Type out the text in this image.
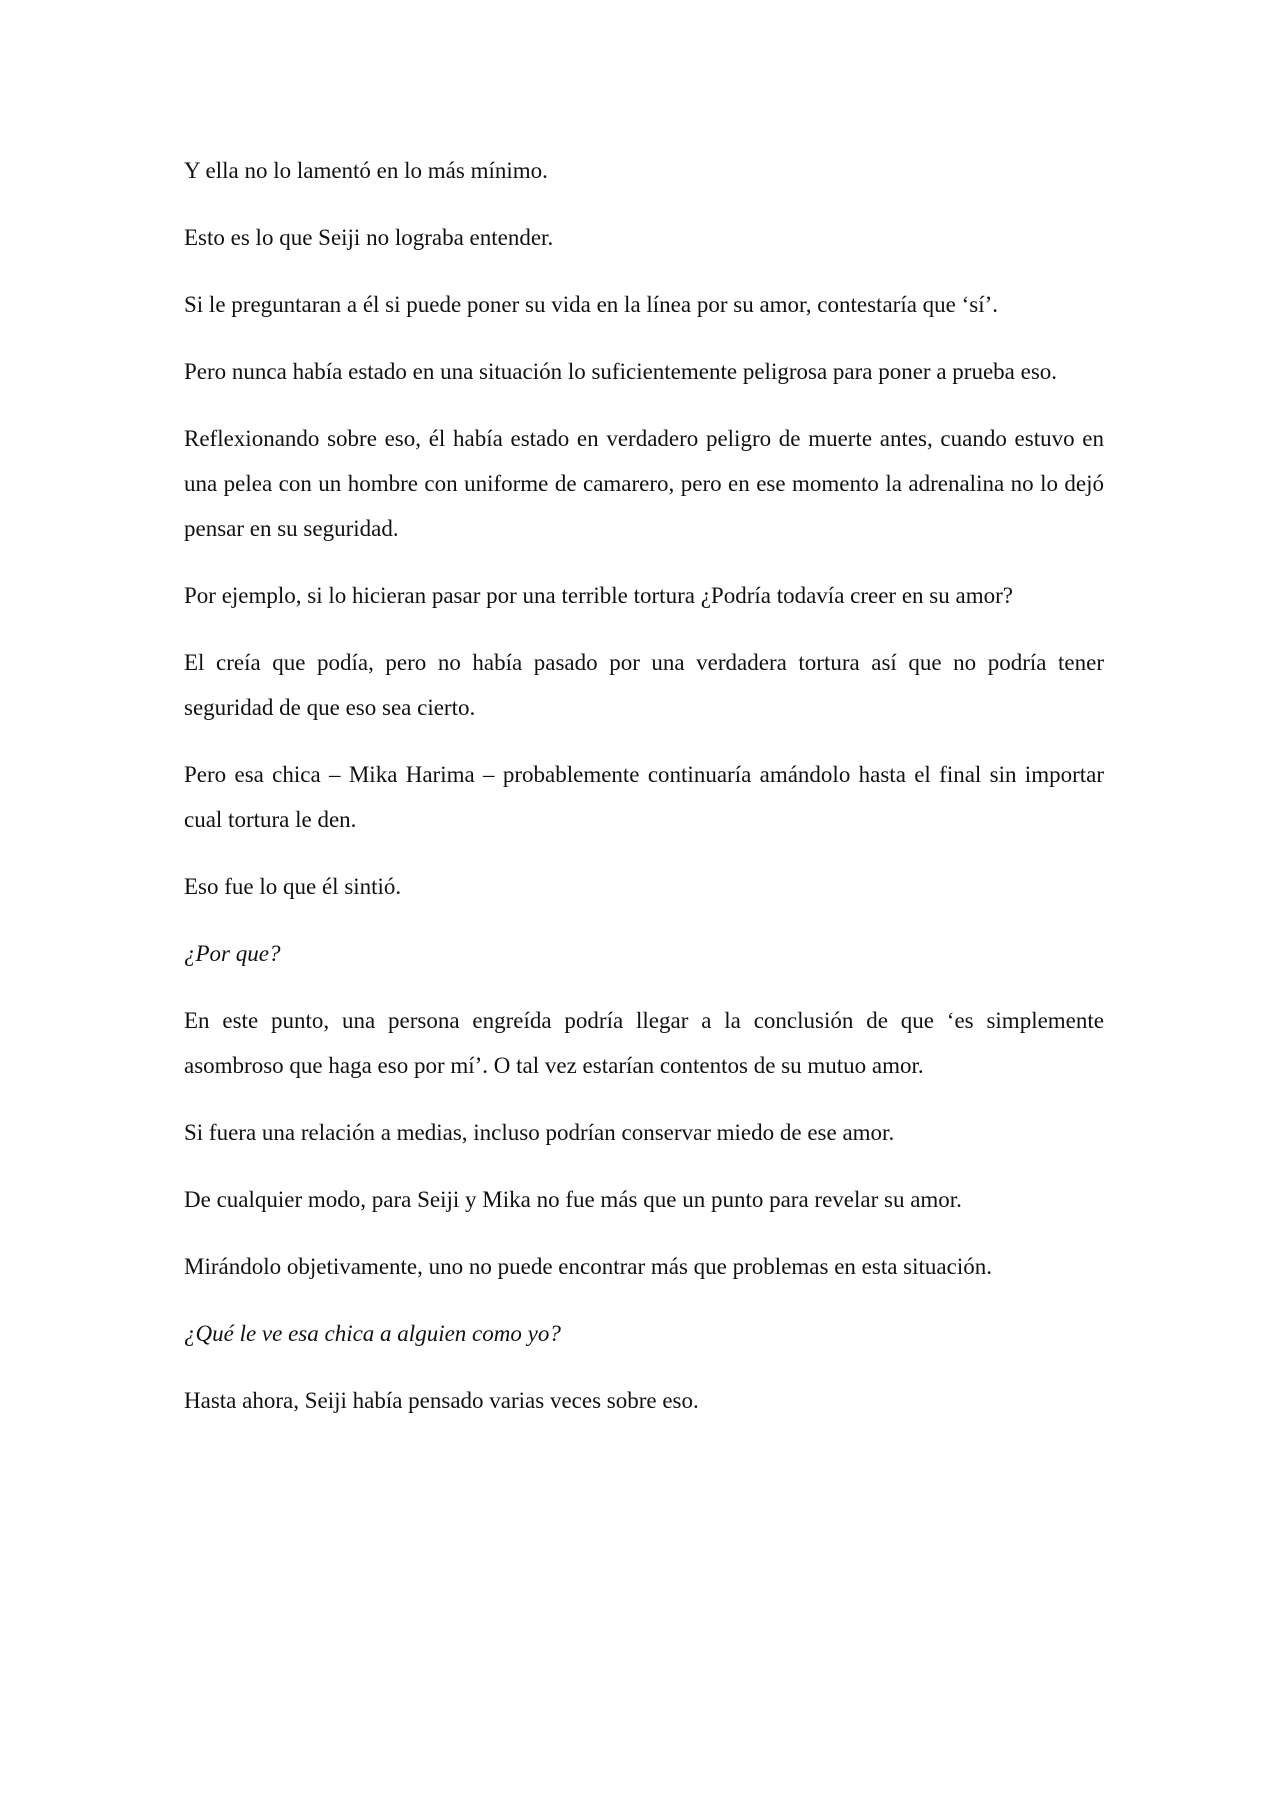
Y ella no lo lamentó en lo más mínimo.

Esto es lo que Seiji no lograba entender.

Si le preguntaran a él si puede poner su vida en la línea por su amor, contestaría que ‘sí’.

Pero nunca había estado en una situación lo suficientemente peligrosa para poner a prueba eso.

Reflexionando sobre eso, él había estado en verdadero peligro de muerte antes, cuando estuvo en una pelea con un hombre con uniforme de camarero, pero en ese momento la adrenalina no lo dejó pensar en su seguridad.

Por ejemplo, si lo hicieran pasar por una terrible tortura ¿Podría todavía creer en su amor?

El creía que podía, pero no había pasado por una verdadera tortura así que no podría tener seguridad de que eso sea cierto.

Pero esa chica – Mika Harima – probablemente continuaría amándolo hasta el final sin importar cual tortura le den.

Eso fue lo que él sintió.

¿Por que?

En este punto, una persona engreída podría llegar a la conclusión de que ‘es simplemente asombroso que haga eso por mí’. O tal vez estarían contentos de su mutuo amor.

Si fuera una relación a medias, incluso podrían conservar miedo de ese amor.

De cualquier modo, para Seiji y Mika no fue más que un punto para revelar su amor.

Mirándolo objetivamente, uno no puede encontrar más que problemas en esta situación.

¿Qué le ve esa chica a alguien como yo?

Hasta ahora, Seiji había pensado varias veces sobre eso.
